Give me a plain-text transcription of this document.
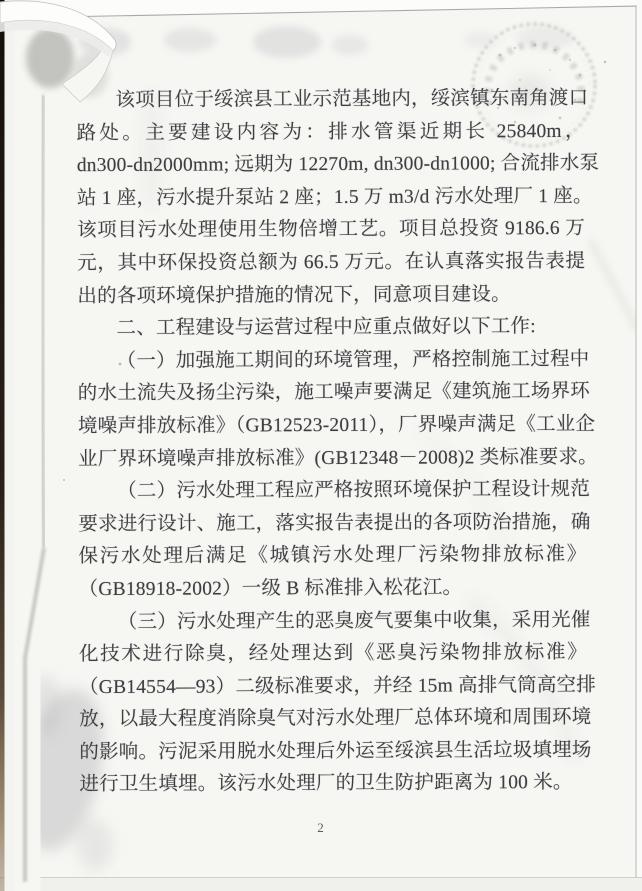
该项目位于绥滨县工业示范基地内，绥滨镇东南角渡口
路处。主要建设内容为：排水管渠近期长 25840m，
dn300-dn2000mm; 远期为 12270m, dn300-dn1000; 合流排水泵
站 1 座，污水提升泵站 2 座；1.5 万 m3/d 污水处理厂 1 座。
该项目污水处理使用生物倍增工艺。项目总投资 9186.6 万
元，其中环保投资总额为 66.5 万元。在认真落实报告表提
出的各项环境保护措施的情况下，同意项目建设。
二、工程建设与运营过程中应重点做好以下工作:
（一）加强施工期间的环境管理，严格控制施工过程中
的水土流失及扬尘污染，施工噪声要满足《建筑施工场界环
境噪声排放标准》（GB12523-2011），厂界噪声满足《工业企
业厂界环境噪声排放标准》(GB12348－2008)2 类标准要求。
（二）污水处理工程应严格按照环境保护工程设计规范
要求进行设计、施工，落实报告表提出的各项防治措施，确
保污水处理后满足《城镇污水处理厂污染物排放标准》
（GB18918-2002）一级 B 标准排入松花江。
（三）污水处理产生的恶臭废气要集中收集，采用光催
化技术进行除臭，经处理达到《恶臭污染物排放标准》
（GB14554—93）二级标准要求，并经 15m 高排气筒高空排
放，以最大程度消除臭气对污水处理厂总体环境和周围环境
的影响。污泥采用脱水处理后外运至绥滨县生活垃圾填埋场
进行卫生填埋。该污水处理厂的卫生防护距离为 100 米。
2
